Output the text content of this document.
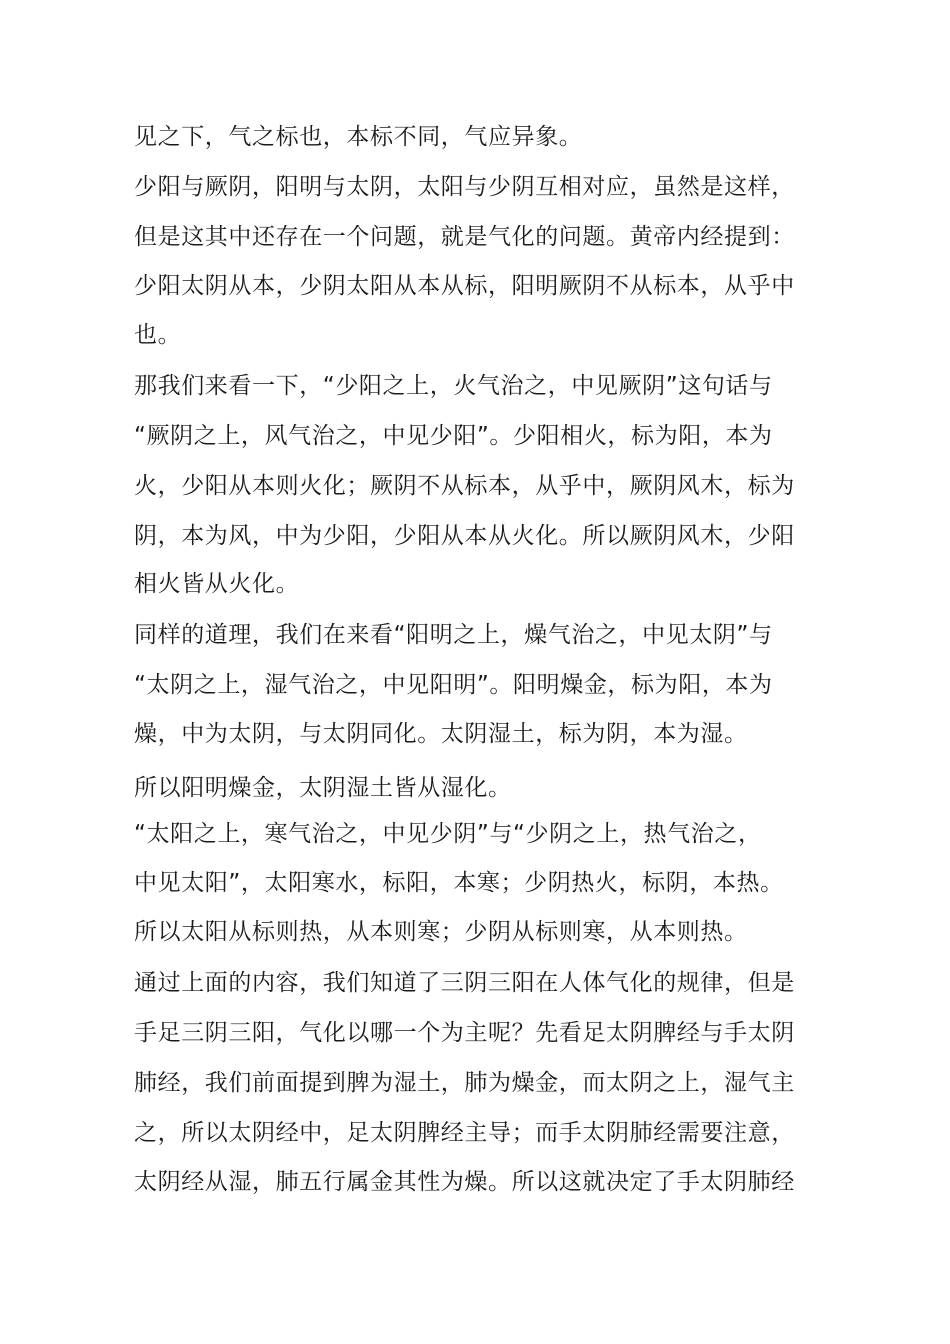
见之下，气之标也，本标不同，气应异象。
少阳与厥阴，阳明与太阴，太阳与少阴互相对应，虽然是这样，
但是这其中还存在一个问题，就是气化的问题。黄帝内经提到：
少阳太阴从本，少阴太阳从本从标，阳明厥阴不从标本，从乎中
也。
那我们来看一下，“少阳之上，火气治之，中见厥阴”这句话与
“厥阴之上，风气治之，中见少阳”。少阳相火，标为阳，本为
火，少阳从本则火化；厥阴不从标本，从乎中，厥阴风木，标为
阴，本为风，中为少阳，少阳从本从火化。所以厥阴风木，少阳
相火皆从火化。
同样的道理，我们在来看“阳明之上，燥气治之，中见太阴”与
“太阴之上，湿气治之，中见阳明”。阳明燥金，标为阳，本为
燥，中为太阴，与太阴同化。太阴湿土，标为阴，本为湿。
所以阳明燥金，太阴湿土皆从湿化。
“太阳之上，寒气治之，中见少阴”与“少阴之上，热气治之，
中见太阳”，太阳寒水，标阳，本寒；少阴热火，标阴，本热。
所以太阳从标则热，从本则寒；少阴从标则寒，从本则热。
通过上面的内容，我们知道了三阴三阳在人体气化的规律，但是
手足三阴三阳，气化以哪一个为主呢？先看足太阴脾经与手太阴
肺经，我们前面提到脾为湿土，肺为燥金，而太阴之上，湿气主
之，所以太阴经中，足太阴脾经主导；而手太阴肺经需要注意，
太阴经从湿，肺五行属金其性为燥。所以这就决定了手太阴肺经
